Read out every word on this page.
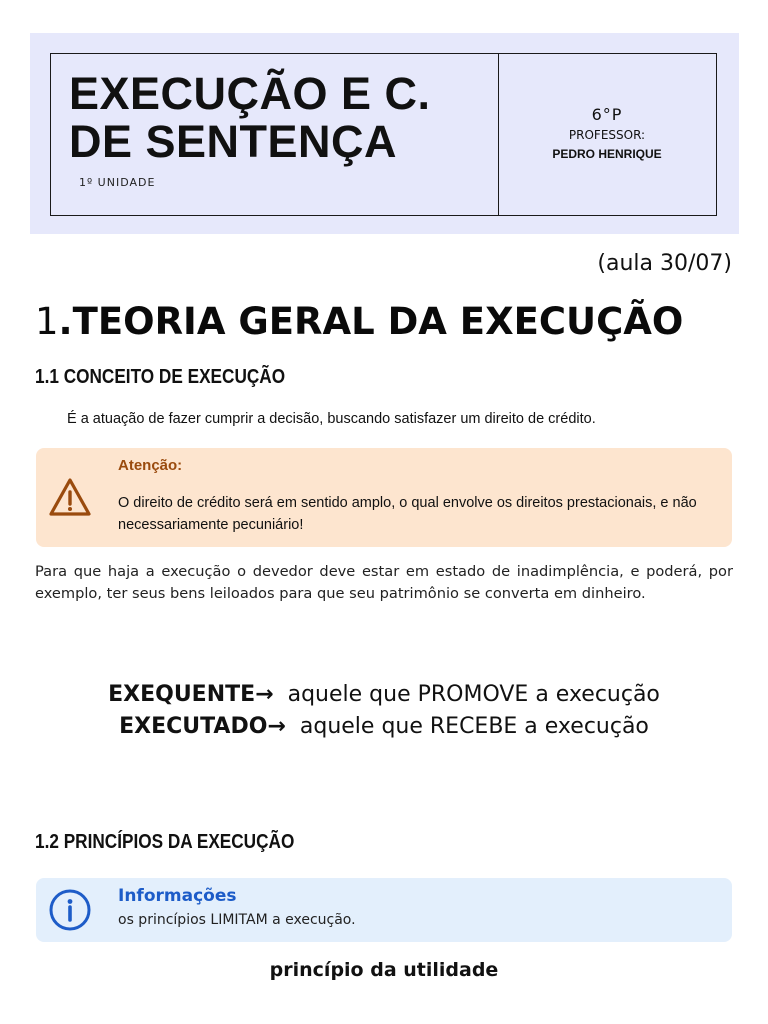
EXECUÇÃO E C.
DE SENTENÇA
1º UNIDADE
6°P
PROFESSOR:
PEDRO HENRIQUE
(aula 30/07)
1.TEORIA GERAL DA EXECUÇÃO
1.1 CONCEITO DE EXECUÇÃO
É a atuação de fazer cumprir a decisão, buscando satisfazer um direito de crédito.
Atenção:
O direito de crédito será em sentido amplo, o qual envolve os direitos prestacionais, e não necessariamente pecuniário!
Para que haja a execução o devedor deve estar em estado de inadimplência, e poderá, por exemplo, ter seus bens leiloados para que seu patrimônio se converta em dinheiro.
EXEQUENTE→ aquele que PROMOVE a execução
EXECUTADO→ aquele que RECEBE a execução
1.2 PRINCÍPIOS DA EXECUÇÃO
Informações
os princípios LIMITAM a execução.
princípio da utilidade
